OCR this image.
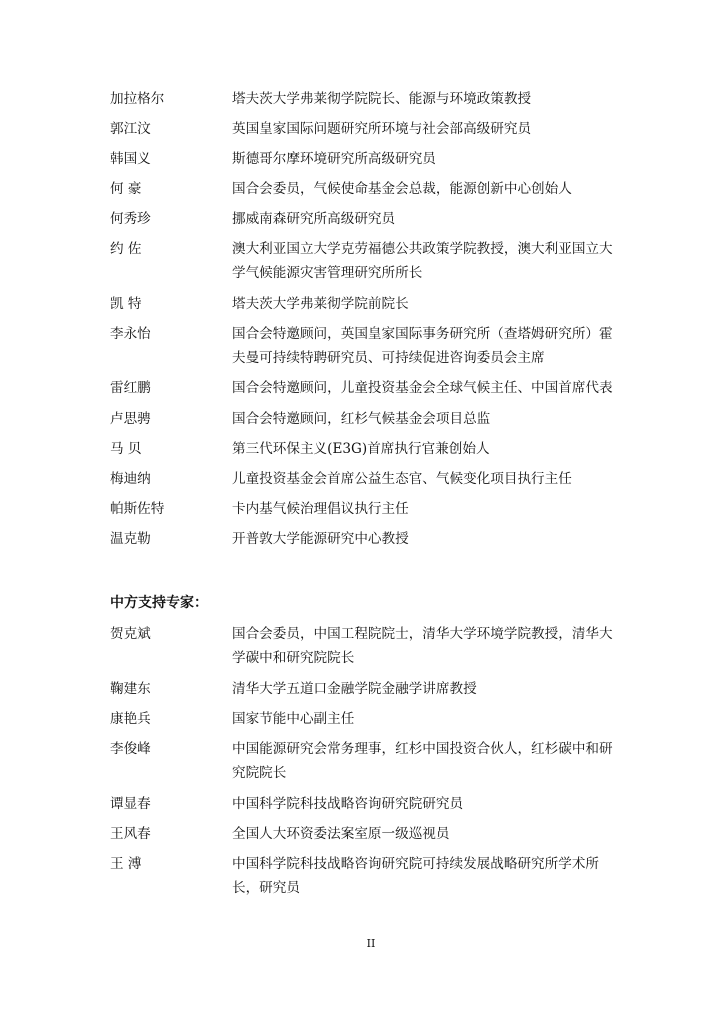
加拉格尔	塔夫茨大学弗莱彻学院院长、能源与环境政策教授
郭江汶	英国皇家国际问题研究所环境与社会部高级研究员
韩国义	斯德哥尔摩环境研究所高级研究员
何 豪	国合会委员，气候使命基金会总裁，能源创新中心创始人
何秀珍	挪威南森研究所高级研究员
约 佐	澳大利亚国立大学克劳福德公共政策学院教授，澳大利亚国立大学气候能源灾害管理研究所所长
凯 特	塔夫茨大学弗莱彻学院前院长
李永怡	国合会特邀顾问，英国皇家国际事务研究所（查塔姆研究所）霍夫曼可持续特聘研究员、可持续促进咨询委员会主席
雷红鹏	国合会特邀顾问，儿童投资基金会全球气候主任、中国首席代表
卢思骋	国合会特邀顾问，红杉气候基金会项目总监
马 贝	第三代环保主义(E3G)首席执行官兼创始人
梅迪纳	儿童投资基金会首席公益生态官、气候变化项目执行主任
帕斯佐特	卡内基气候治理倡议执行主任
温克勒	开普敦大学能源研究中心教授
中方支持专家：
贺克斌	国合会委员，中国工程院院士，清华大学环境学院教授，清华大学碳中和研究院院长
鞠建东	清华大学五道口金融学院金融学讲席教授
康艳兵	国家节能中心副主任
李俊峰	中国能源研究会常务理事，红杉中国投资合伙人，红杉碳中和研究院院长
谭显春	中国科学院科技战略咨询研究院研究员
王风春	全国人大环资委法案室原一级巡视员
王 溥	中国科学院科技战略咨询研究院可持续发展战略研究所学术所长，研究员
II
